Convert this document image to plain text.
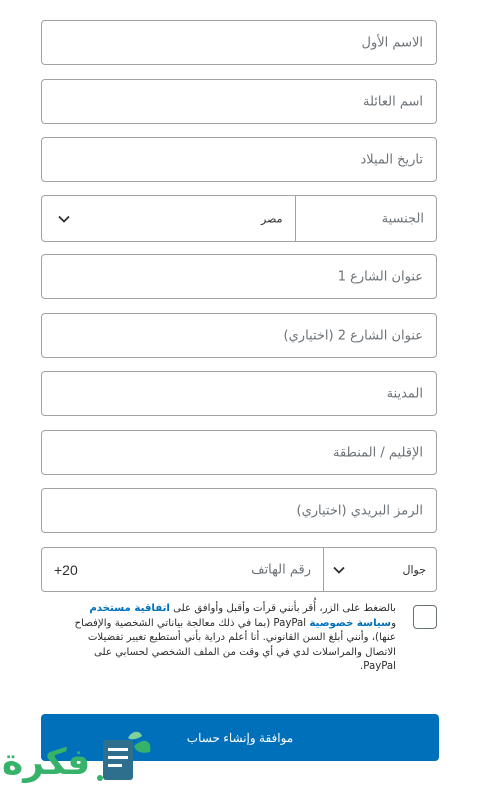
الاسم الأول
اسم العائلة
تاريخ الميلاد
الجنسية
مصر
عنوان الشارع 1
عنوان الشارع 2 (اختياري)
المدينة
الإقليم / المنطقة
الرمز البريدي (اختياري)
جوال
رقم الهاتف
+20
بالضغط على الزر، أُقر بأنني قرأت وأقبل وأوافق على اتفاقية مستخدم وسياسة خصوصية PayPal (بما في ذلك معالجة بياناتي الشخصية والإفصاح عنها)، وأنني أبلغ السن القانوني. أنا أعلم دراية بأني أستطيع تغيير تفضيلات الاتصال والمراسلات لدي في أي وقت من الملف الشخصي لحسابي على PayPal.
موافقة وإنشاء حساب
فكرة
